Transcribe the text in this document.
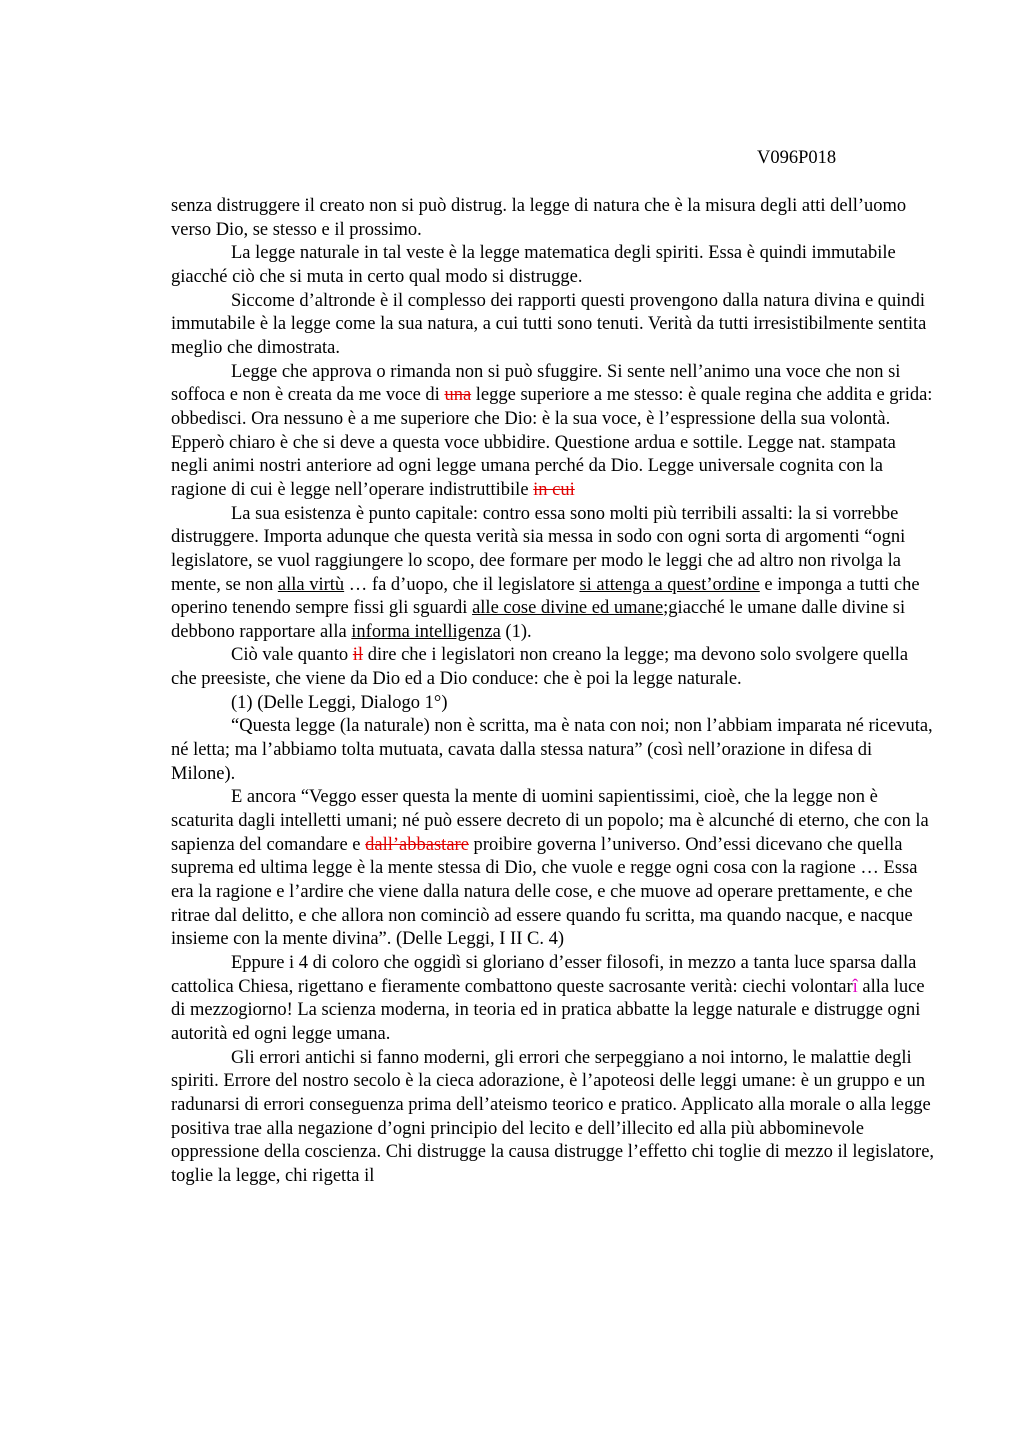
V096P018

senza distruggere il creato non si può distrug. la legge di natura che è la misura degli atti dell’uomo verso Dio, se stesso e il prossimo.

La legge naturale in tal veste è la legge matematica degli spiriti. Essa è quindi immutabile giacché ciò che si muta in certo qual modo si distrugge.

Siccome d’altronde è il complesso dei rapporti questi provengono dalla natura divina e quindi immutabile è la legge come la sua natura, a cui tutti sono tenuti. Verità da tutti irresistibilmente sentita meglio che dimostrata.

Legge che approva o rimanda non si può sfuggire. Si sente nell’animo una voce che non si soffoca e non è creata da me voce di una legge superiore a me stesso: è quale regina che addita e grida: obbedisci. Ora nessuno è a me superiore che Dio: è la sua voce, è l’espressione della sua volontà. Epperò chiaro è che si deve a questa voce ubbidire. Questione ardua e sottile. Legge nat. stampata negli animi nostri anteriore ad ogni legge umana perché da Dio. Legge universale cognita con la ragione di cui è legge nell’operare indistruttibile in cui

La sua esistenza è punto capitale: contro essa sono molti più terribili assalti: la si vorrebbe distruggere. Importa adunque che questa verità sia messa in sodo con ogni sorta di argomenti “ogni legislatore, se vuol raggiungere lo scopo, dee formare per modo le leggi che ad altro non rivolga la mente, se non alla virtù … fa d’uopo, che il legislatore si attenga a quest’ordine e imponga a tutti che operino tenendo sempre fissi gli sguardi alle cose divine ed umane;giacché le umane dalle divine si debbono rapportare alla informa intelligenza (1).

Ciò vale quanto il dire che i legislatori non creano la legge; ma devono solo svolgere quella che preesiste, che viene da Dio ed a Dio conduce: che è poi la legge naturale.

(1) (Delle Leggi, Dialogo 1°)

“Questa legge (la naturale) non è scritta, ma è nata con noi; non l’abbiam imparata né ricevuta, né letta; ma l’abbiamo tolta mutuata, cavata dalla stessa natura” (così nell’orazione in difesa di Milone).

E ancora “Veggo esser questa la mente di uomini sapientissimi, cioè, che la legge non è scaturita dagli intelletti umani; né può essere decreto di un popolo; ma è alcunché di eterno, che con la sapienza del comandare e dall’abbastare proibire governa l’universo. Ond’essi dicevano che quella suprema ed ultima legge è la mente stessa di Dio, che vuole e regge ogni cosa con la ragione … Essa era la ragione e l’ardire che viene dalla natura delle cose, e che muove ad operare prettamente, e che ritrae dal delitto, e che allora non cominciò ad essere quando fu scritta, ma quando nacque, e nacque insieme con la mente divina”. (Delle Leggi, I II C. 4)

Eppure i 4 di coloro che oggidì si gloriano d’esser filosofi, in mezzo a tanta luce sparsa dalla cattolica Chiesa, rigettano e fieramente combattono queste sacrosante verità: ciechi volontarî alla luce di mezzogiorno! La scienza moderna, in teoria ed in pratica abbatte la legge naturale e distrugge ogni autorità ed ogni legge umana.

Gli errori antichi si fanno moderni, gli errori che serpeggiano a noi intorno, le malattie degli spiriti. Errore del nostro secolo è la cieca adorazione, è l’apoteosi delle leggi umane: è un gruppo e un radunarsi di errori conseguenza prima dell’ateismo teorico e pratico. Applicato alla morale o alla legge positiva trae alla negazione d’ogni principio del lecito e dell’illecito ed alla più abbominevole oppressione della coscienza. Chi distrugge la causa distrugge l’effetto chi toglie di mezzo il legislatore, toglie la legge, chi rigetta il
